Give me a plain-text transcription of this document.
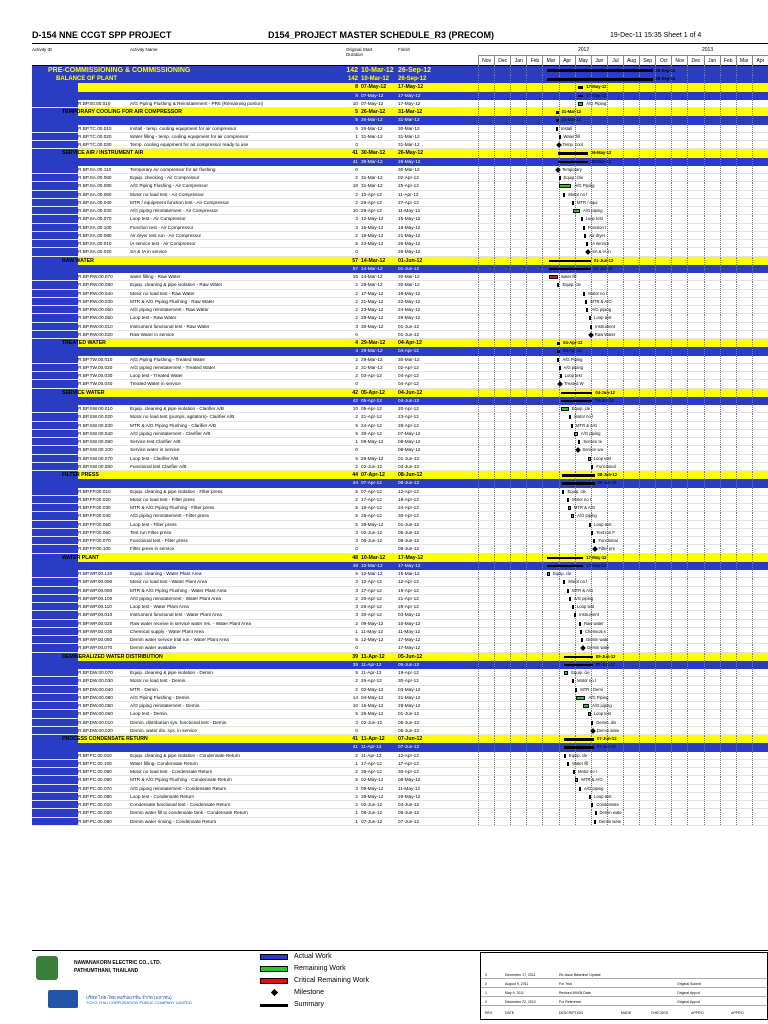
D-154 NNE CCGT SPP PROJECT	D154_PROJECT MASTER SCHEDULE_R3 (PRECOM)	19-Dec-11 15:35 Sheet 1 of 4
Activity ID	Activity Name	Original Start Duration
Finish	2012	2013
Nov	Dec	Jan	Feb	Mar	Apr	May	Jun	Jul	Aug	Sep	Oct	Nov	Dec	Jan	Feb	Mar	Apr
PRE-COMMISSIONING & COMMISSIONING	142 10-Mar-12 26-Sep-12	26-Sep-12
BALANCE OF PLANT	142 10-Mar-12	26-Sep-12	26-Sep-12
8 07-May-12	17-May-12	17-May-12
8 07-May-12	17-May-12	17-May-12
R.BP.00.00.010	A/G Piping Flushing & Reinstatement - PR5 (Remaining portion)	10 07-May-12	17-May-12	A/G Piping
TEMPORARY COOLING FOR AIR COMPRESSOR	5 26-Mar-12	31-Mar-12	31-Mar-12
5 26-Mar-12	31-Mar-12	31-Mar-12
R.BP.TC.00.010	Install - temp. cooling equipment for air compressor	5 26-Mar-12	30-Mar-12	Install
R.BP.TC.00.020	Water filling - temp. cooling equipment for air compressor	1 31-Mar-12	31-Mar-12	Water fill
R.BP.TC.00.030	Temp. cooling equipment for air compressor ready to use	0	31-Mar-12	Temp. cool
SERVICE AIR / INSTRUMENT AIR	41 30-Mar-12	26-May-12	26-May-12
41 30-Mar-12	26-May-12	26-May-12
R.BP.SA.00.110	Temporary Air compressor for air flushing	0	30-Mar-12	Temporary
R.BP.SA.00.060	Equip. checking - Air Compressor	2 31-Mar-12	02-Apr-12	Equip. che
R.BP.SA.00.080	A/G Piping Flushing - Air Compressor	18 31-Mar-12	25-Apr-12	A/G Piping
R.BP.SA.00.050	Motor no load test - Air Compressor	2 10-Apr-12	11-Apr-12	Motor no l
R.BP.SA.00.040	MTR / equipment function test - Air Compressor	2 26-Apr-12	27-Apr-12	MTR / equi
R.BP.SA.00.030	A/G piping reinstatement - Air Compressor	10 28-Apr-12	11-May-12	A/G piping
R.BP.SA.00.070	Loop test - Air Compressor	3 12-May-12	15-May-12	Loop test
R.BP.SA.00.100	Function test - Air Compressor	3 16-May-12	18-May-12	Function t
R.BP.SA.00.090	Air dryer test run - Air Compressor	2 19-May-12	21-May-12	Air dryer
R.BP.SA.00.010	IA service test - Air Compressor	5 22-May-12	26-May-12	IA service
R.BP.SA.00.020	SA & IA in service	0	26-May-12	SA & IA in
RAW WATER	57 14-Mar-12	01-Jun-12	01-Jun-12
57 14-Mar-12	01-Jun-12	01-Jun-12
R.BP.RW.00.070	water filling - Raw Water	15 14-Mar-12	30-Mar-12	water fill
R.BP.RW.00.080	Equip. cleaning & pipe isolation - Raw Water	2 29-Mar-12	30-Mar-12	Equip. cle
R.BP.RW.00.040	Motor no load test - Raw Water	2 17-May-12	18-May-12	Motor no l
R.BP.RW.00.030	MTR & A/G Piping Flushing - Raw Water	2 21-May-12	22-May-12	MTR & A/G
R.BP.RW.00.060	A/G piping reinstatement - Raw Water	2 23-May-12	24-May-12	A/G piping
R.BP.RW.00.050	Loop test - Raw Water	2 28-May-12	29-May-12	Loop test
R.BP.RW.00.010	Instrument functional test - Raw Water	3 30-May-12	01-Jun-12	Instrument
R.BP.RW.00.020	Raw Water in service	0	01-Jun-12	Raw Water
TREATED WATER	4 29-Mar-12	04-Apr-12	04-Apr-12
4 29-Mar-12	04-Apr-12	04-Apr-12
R.BP.TW.00.010	A/G Piping Flushing - Treated Water	2 29-Mar-12	30-Mar-12	A/G Piping
R.BP.TW.00.020	A/G piping reinstatement - Treated Water	2 31-Mar-12	02-Apr-12	A/G piping
R.BP.TW.00.030	Loop test - Treated Water	2 03-Apr-12	04-Apr-12	Loop test
R.BP.TW.00.040	Treated Water in service	0	04-Apr-12	Treated W
SERVICE WATER	42 05-Apr-12	04-Jun-12	04-Jun-12
42 05-Apr-12	04-Jun-12	04-Jun-12
R.BP.SW.00.010	Equip. cleaning & pipe isolation - Clarifier A/B	10 05-Apr-12	20-Apr-12	Equip. cle
R.BP.SW.00.020	Motor no load test (pumps, agitators)- Clarifier A/B	2 21-Apr-12	23-Apr-12	Motor no l
R.BP.SW.00.030	MTR & A/G Piping Flushing - Clarifier A/B	5 24-Apr-12	28-Apr-12	MTR & A/G
R.BP.SW.00.040	A/G piping reinstatement - Clarifier A/B	5 30-Apr-12	07-May-12	A/G piping
R.BP.SW.00.090	Service test Clarifier A/B	1 08-May-12	08-May-12	Service te
R.BP.SW.00.100	Service water in service	0	08-May-12	Service wa
R.BP.SW.00.070	Loop test - Clarifier A/B	5 26-May-12	01-Jun-12	Loop test
R.BP.SW.00.080	Functional test Clarifier A/B	2 02-Jun-12	04-Jun-12	Functional
FILTER PRESS	44 07-Apr-12	08-Jun-12	08-Jun-12
44 07-Apr-12	08-Jun-12	08-Jun-12
R.BP.FP.00.010	Equip. cleaning & pipe isolation - Filter press	5 07-Apr-12	12-Apr-12	Equip. cle
R.BP.FP.00.020	Motor no load test - Filter press	2 17-Apr-12	18-Apr-12	Motor no l
R.BP.FP.00.030	MTR & A/G Piping Flushing - Filter press	5 19-Apr-12	24-Apr-12	MTR & A/G
R.BP.FP.00.040	A/G piping reinstatement - Filter press	5 25-Apr-12	30-Apr-12	A/G piping
R.BP.FP.00.050	Loop test - Filter press	5 28-May-12	01-Jun-12	Loop test
R.BP.FP.00.060	Test run Filter press	3 02-Jun-12	05-Jun-12	Test run F
R.BP.FP.00.070	Functional test - Filter press	3 06-Jun-12	08-Jun-12	Functional
R.BP.FP.00.100	Filter press in service	0	08-Jun-12	Filter pre
WATER PLANT	48 10-Mar-12	17-May-12	17-May-12
48 10-Mar-12	17-May-12	17-May-12
R.BP.WP.00.120	Equip. cleaning - Water Plant Area	5 10-Mar-12	15-Mar-12	Equip. cle
R.BP.WP.00.090	Motor no load test - Water Plant Area	3 10-Apr-12	12-Apr-12	Motor no l
R.BP.WP.00.080	MTR & A/G Piping Flushing - Water Plant Area	3 17-Apr-12	19-Apr-12	MTR & A/G
R.BP.WP.00.100	A/G piping reinstatement - Water Plant Area	2 20-Apr-12	21-Apr-12	A/G piping
R.BP.WP.00.110	Loop test - Water Plant Area	3 26-Apr-12	28-Apr-12	Loop test
R.BP.WP.00.010	Instrument functional test - Water Plant Area	3 30-Apr-12	03-May-12	Instrument
R.BP.WP.00.020	Raw water receive in service water res. - Water Plant Area	2 09-May-12	10-May-12	Raw water
R.BP.WP.00.030	Chemical supply - Water Plant Area	1 11-May-12	11-May-12	Chemical s
R.BP.WP.00.060	Demin water service trial run - Water Plant Area	5 12-May-12	17-May-12	Demin wate
R.BP.WP.00.070	Demin water available	0	17-May-12	Demin wate
DEMINERALIZED WATER DISTRIBUTION	39 11-Apr-12	05-Jun-12	05-Jun-12
39 11-Apr-12	05-Jun-12	05-Jun-12
R.BP.DW.00.070	Equip. cleaning & pipe isolation - Demin.	5 11-Apr-12	19-Apr-12	Equip. cle
R.BP.DW.00.030	Motor no load test - Demin.	2 26-Apr-12	30-Apr-12	Motor no l
R.BP.DW.00.040	MTR - Demin.	2 02-May-12	03-May-12	MTR - Demi
R.BP.DW.00.080	A/G Piping Flushing - Demin.	14 04-May-12	21-May-12	A/G Piping
R.BP.DW.00.050	A/G piping reinstatement - Demin.	10 16-May-12	28-May-12	A/G piping
R.BP.DW.00.060	Loop test - Demin.	5 26-May-12	01-Jun-12	Loop test
R.BP.DW.00.010	Demin. distribution sys. functional test - Demin.	3 02-Jun-12	05-Jun-12	Demin. dis
R.BP.DW.00.020	Demin. water dis. sys. in service	0	05-Jun-12	Demin wate
PROCESS CONDENSATE RETURN	41 11-Apr-12	07-Jun-12	07-Jun-12
41 11-Apr-12	07-Jun-12	07-Jun-12
R.BP.PC.00.010	Equip. cleaning & pipe isolation - Condensate Return	2 11-Apr-12	12-Apr-12	Equip. cle
R.BP.PC.00.100	Water filling- Condensate Return	1 17-Apr-12	17-Apr-12	Water fill
R.BP.PC.00.060	Motor no load test - Condensate Return	2 28-Apr-12	30-Apr-12	Motor no l
R.BP.PC.00.050	MTR & A/G Piping Flushing - Condensate Return	5 02-May-12	08-May-12	MTR & A/G
R.BP.PC.00.070	A/G piping reinstatement - Condensate Return	3 09-May-12	11-May-12	A/G piping
R.BP.PC.00.080	Loop test - Condensate Return	2 28-May-12	29-May-12	Loop test
R.BP.PC.00.010	Condensate functional test - Condensate Return	2 02-Jun-12	04-Jun-12	Condensate
R.BP.PC.00.020	Demin water fill to condensate tank - Condensate Return	1 08-Jun-12	06-Jun-12	Demin wate
R.BP.PC.00.090	Demin water rinsing - Condensate Return	1 07-Jun-12	07-Jun-12	Demin wate
NAWANAKORN ELECTRIC CO., LTD.
PATHUMTHANI, THAILAND
บริษัท ไทย-ไทย คอร์ปอเรชั่น จำกัด (มหาชน)
TOYO-THAI CORPORATION PUBLIC COMPANY LIMITED
Actual Work
Remaining Work
Critical Remaining Work
Milestone
Summary
3	December 17, 2011	Re-Issue Baseline/ Update
2	August 9, 2011	For Trial	Original Submit
1	May 9, 2011	Revised 8/9/08 Date	Original Appvd
0	December 22, 2010	For Reference	Original Appvd
REV.	DATE	DESCRIPTION	MADE	CHECKED	APPR'D	APPR'D
